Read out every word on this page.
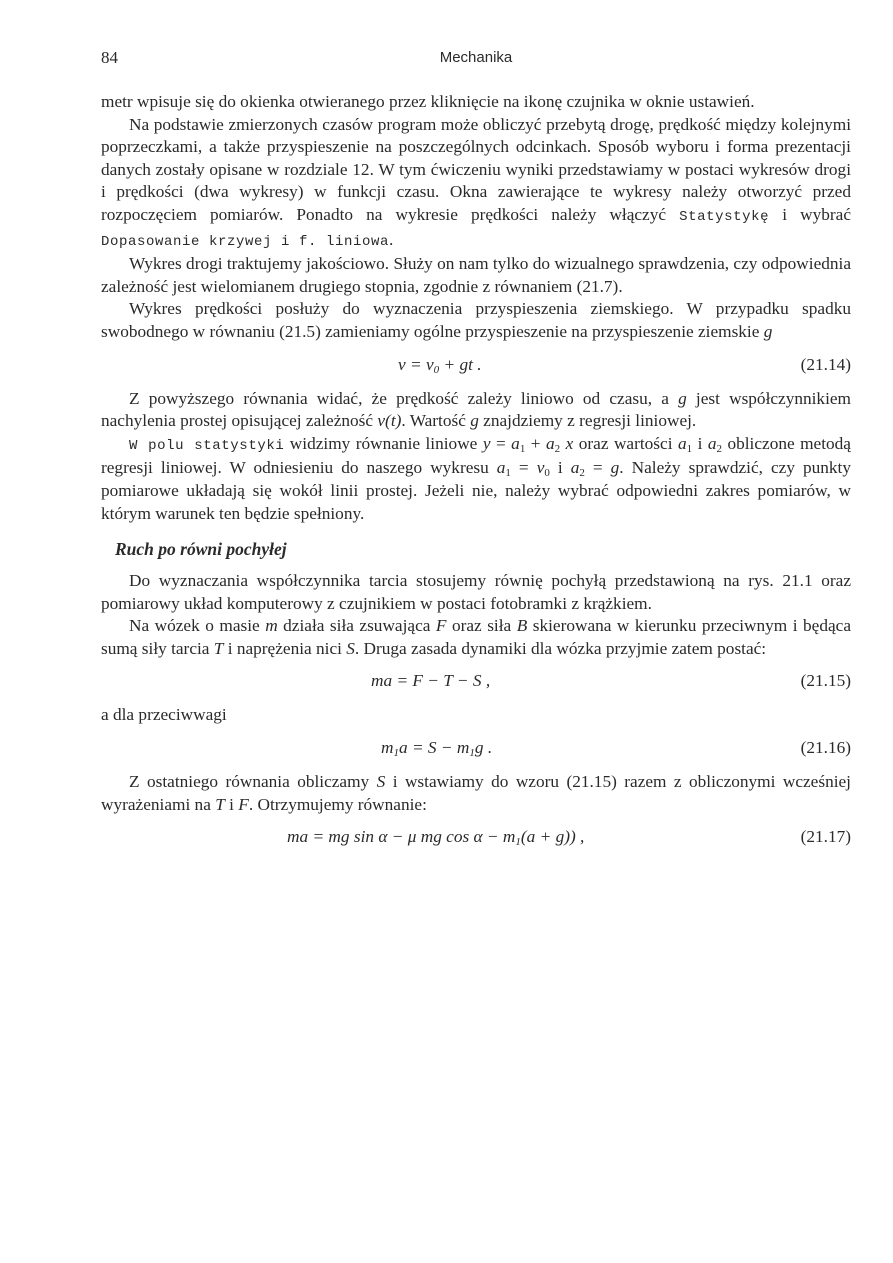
84	Mechanika

metr wpisuje się do okienka otwieranego przez kliknięcie na ikonę czujnika w oknie ustawień.

Na podstawie zmierzonych czasów program może obliczyć przebytą drogę, prędkość między kolejnymi poprzeczkami, a także przyspieszenie na poszczególnych odcinkach. Sposób wyboru i forma prezentacji danych zostały opisane w rozdziale 12. W tym ćwiczeniu wyniki przedstawiamy w postaci wykresów drogi i prędkości (dwa wykresy) w funkcji czasu. Okna zawierające te wykresy należy otworzyć przed rozpoczęciem pomiarów. Ponadto na wykresie prędkości należy włączyć Statystykę i wybrać Dopasowanie krzywej i f. liniowa.

Wykres drogi traktujemy jakościowo. Służy on nam tylko do wizualnego sprawdzenia, czy odpowiednia zależność jest wielomianem drugiego stopnia, zgodnie z równaniem (21.7).

Wykres prędkości posłuży do wyznaczenia przyspieszenia ziemskiego. W przypadku spadku swobodnego w równaniu (21.5) zamieniamy ogólne przyspieszenie na przyspieszenie ziemskie g

$v = v_0$ + gt .	(21.14)

Z powyższego równania widać, że prędkość zależy liniowo od czasu, a g jest współczynnikiem nachylenia prostej opisującej zależność v(t). Wartość g znajdziemy z regresji liniowej.

W polu statystyki widzimy równanie liniowe $y = a_1 + a_2$ x oraz wartości $a_1$ i $a_2$ obliczone metodą regresji liniowej. W odniesieniu do naszego wykresu $a_1 = v_0$ i $a_2 = g$. Należy sprawdzić, czy punkty pomiarowe układają się wokół linii prostej. Jeżeli nie, należy wybrać odpowiedni zakres pomiarów, w którym warunek ten będzie spełniony.

Ruch po równi pochyłej

Do wyznaczania współczynnika tarcia stosujemy równię pochyłą przedstawioną na rys. 21.1 oraz pomiarowy układ komputerowy z czujnikiem w postaci fotobramki z krążkiem.

Na wózek o masie m działa siła zsuwająca F oraz siła B skierowana w kierunku przeciwnym i będąca sumą siły tarcia T i naprężenia nici S. Druga zasada dynamiki dla wózka przyjmie zatem postać:

ma = F − T − S ,	(21.15)

a dla przeciwwagi

$m_1a = S - m_1g$ .	(21.16)

Z ostatniego równania obliczamy S i wstawiamy do wzoru (21.15) razem z obliczonymi wcześniej wyrażeniami na T i F. Otrzymujemy równanie:

ma = mg sin α − μ mg $\cos \alpha - m_1(a + g)$) ,	(21.17)
